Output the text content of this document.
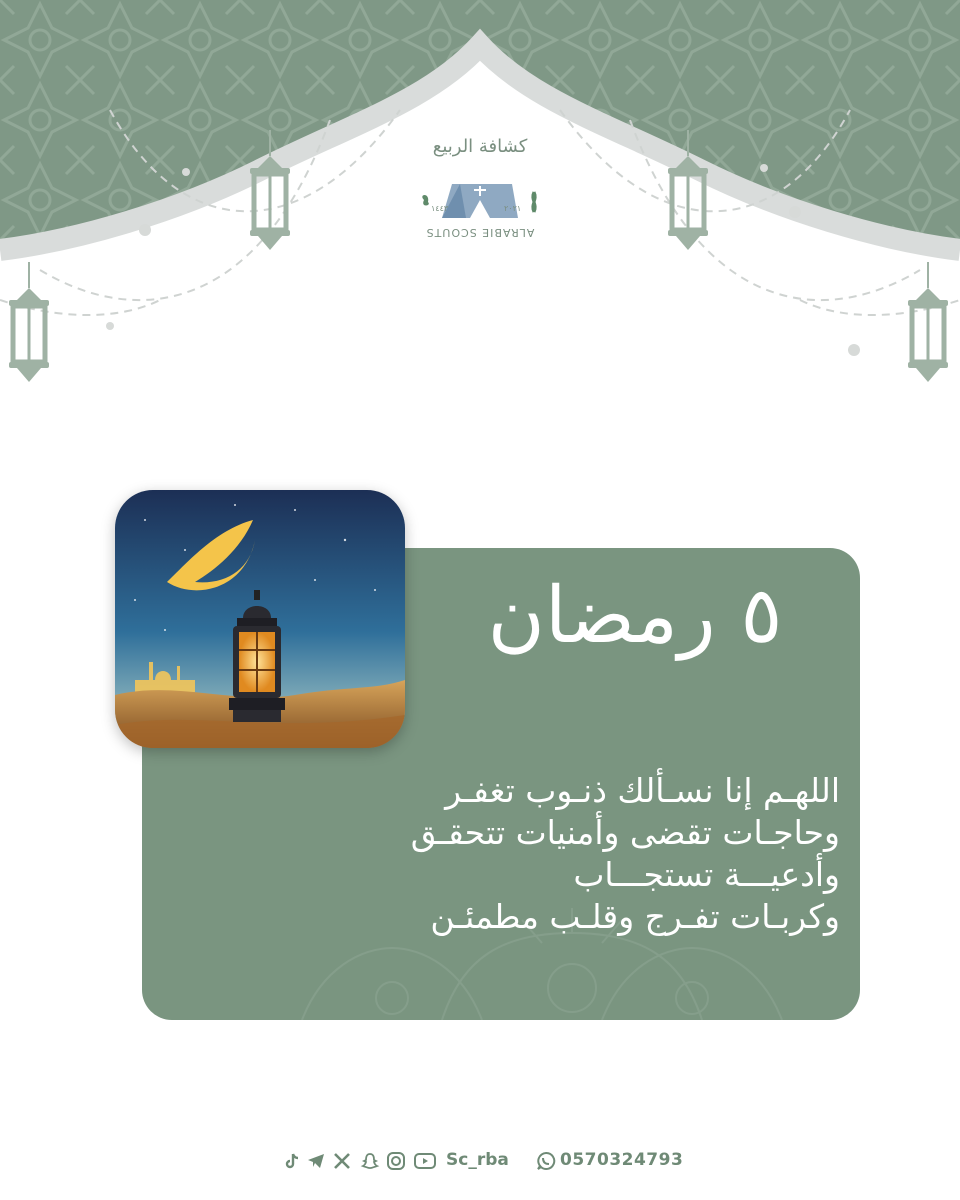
كشافة الربيع
١٤٤٣	٢٠٢١
ALRABIE SCOUTS
٥ رمضان
اللهـم إنا نسـألك ذنـوب تغفـر
وحاجـات تقضى وأمنيات تتحقـق
وأدعيـــة تستجـــاب
وكربـات تفـرج وقلـب مطمئـن
Sc_rba	0570324793
